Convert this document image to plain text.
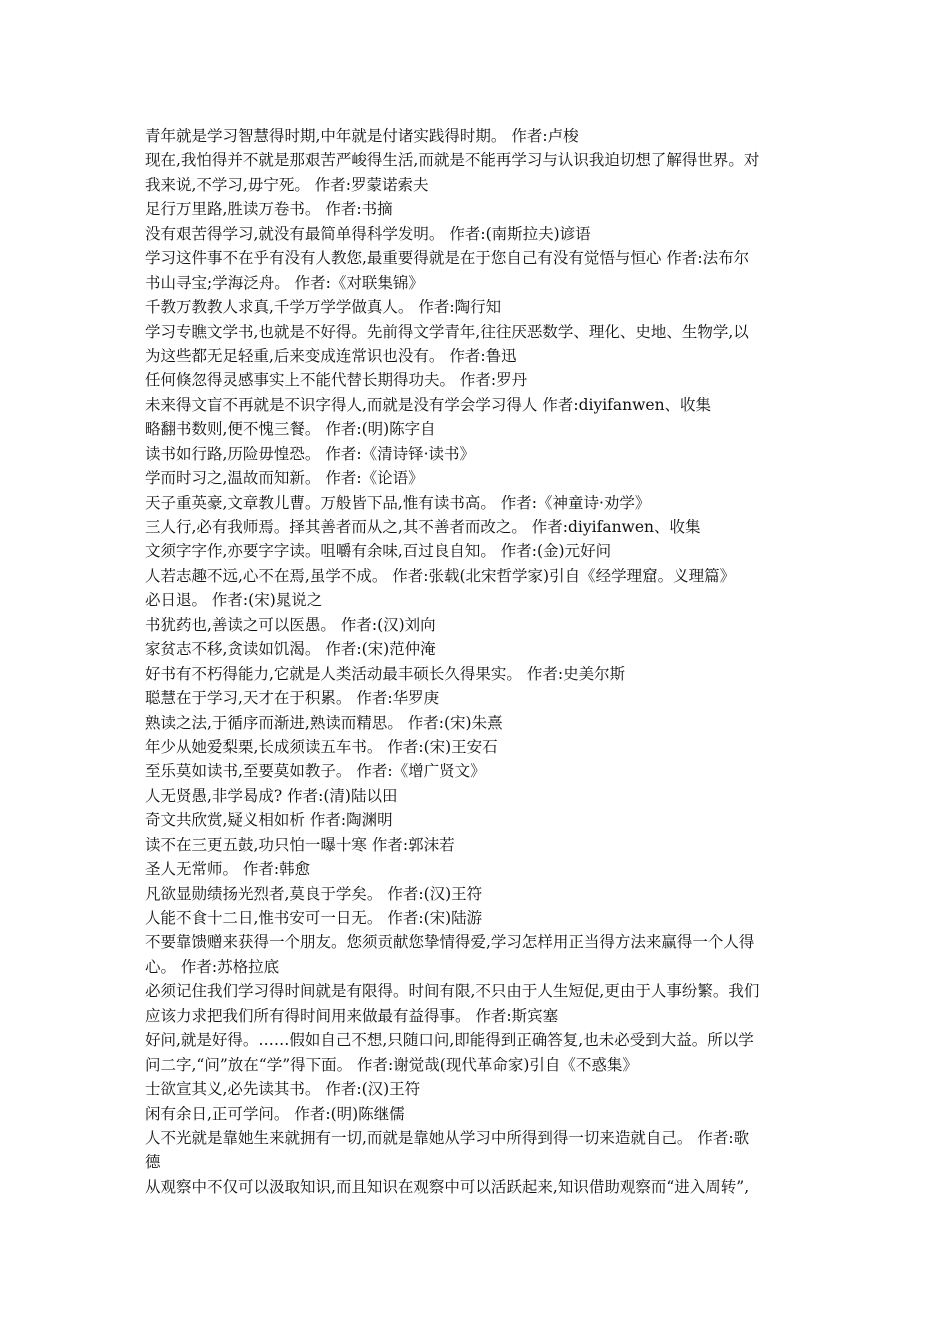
青年就是学习智慧得时期,中年就是付诸实践得时期。 作者:卢梭
现在,我怕得并不就是那艰苦严峻得生活,而就是不能再学习与认识我迫切想了解得世界。对
我来说,不学习,毋宁死。 作者:罗蒙诺索夫
足行万里路,胜读万卷书。 作者:书摘
没有艰苦得学习,就没有最简单得科学发明。 作者:(南斯拉夫)谚语
学习这件事不在乎有没有人教您,最重要得就是在于您自己有没有觉悟与恒心 作者:法布尔
书山寻宝;学海泛舟。 作者:《对联集锦》
千教万教教人求真,千学万学学做真人。 作者:陶行知
学习专瞧文学书,也就是不好得。先前得文学青年,往往厌恶数学、理化、史地、生物学,以
为这些都无足轻重,后来变成连常识也没有。 作者:鲁迅
任何倏忽得灵感事实上不能代替长期得功夫。 作者:罗丹
未来得文盲不再就是不识字得人,而就是没有学会学习得人 作者:diyifanwen、收集
略翻书数则,便不愧三餐。 作者:(明)陈字自
读书如行路,历险毋惶恐。 作者:《清诗铎·读书》
学而时习之,温故而知新。 作者:《论语》
天子重英豪,文章教儿曹。万般皆下品,惟有读书高。 作者:《神童诗·劝学》
三人行,必有我师焉。择其善者而从之,其不善者而改之。 作者:diyifanwen、收集
文须字字作,亦要字字读。咀嚼有余味,百过良自知。 作者:(金)元好问
人若志趣不远,心不在焉,虽学不成。 作者:张载(北宋哲学家)引自《经学理窟。义理篇》
必日退。 作者:(宋)晁说之
书犹药也,善读之可以医愚。 作者:(汉)刘向
家贫志不移,贪读如饥渴。 作者:(宋)范仲淹
好书有不朽得能力,它就是人类活动最丰硕长久得果实。 作者:史美尔斯
聪慧在于学习,天才在于积累。 作者:华罗庚
熟读之法,于循序而渐进,熟读而精思。 作者:(宋)朱熹
年少从她爱梨栗,长成须读五车书。 作者:(宋)王安石
至乐莫如读书,至要莫如教子。 作者:《增广贤文》
人无贤愚,非学曷成? 作者:(清)陆以田
奇文共欣赏,疑义相如析 作者:陶渊明
读不在三更五鼓,功只怕一曝十寒 作者:郭沫若
圣人无常师。 作者:韩愈
凡欲显勋绩扬光烈者,莫良于学矣。 作者:(汉)王符
人能不食十二日,惟书安可一日无。 作者:(宋)陆游
不要靠馈赠来获得一个朋友。您须贡献您挚情得爱,学习怎样用正当得方法来赢得一个人得
心。 作者:苏格拉底
必须记住我们学习得时间就是有限得。时间有限,不只由于人生短促,更由于人事纷繁。我们
应该力求把我们所有得时间用来做最有益得事。 作者:斯宾塞
好问,就是好得。……假如自己不想,只随口问,即能得到正确答复,也未必受到大益。所以学
问二字,“问”放在“学”得下面。 作者:谢觉哉(现代革命家)引自《不惑集》
士欲宣其义,必先读其书。 作者:(汉)王符
闲有余日,正可学问。 作者:(明)陈继儒
人不光就是靠她生来就拥有一切,而就是靠她从学习中所得到得一切来造就自己。 作者:歌
德
从观察中不仅可以汲取知识,而且知识在观察中可以活跃起来,知识借助观察而“进入周转”,
